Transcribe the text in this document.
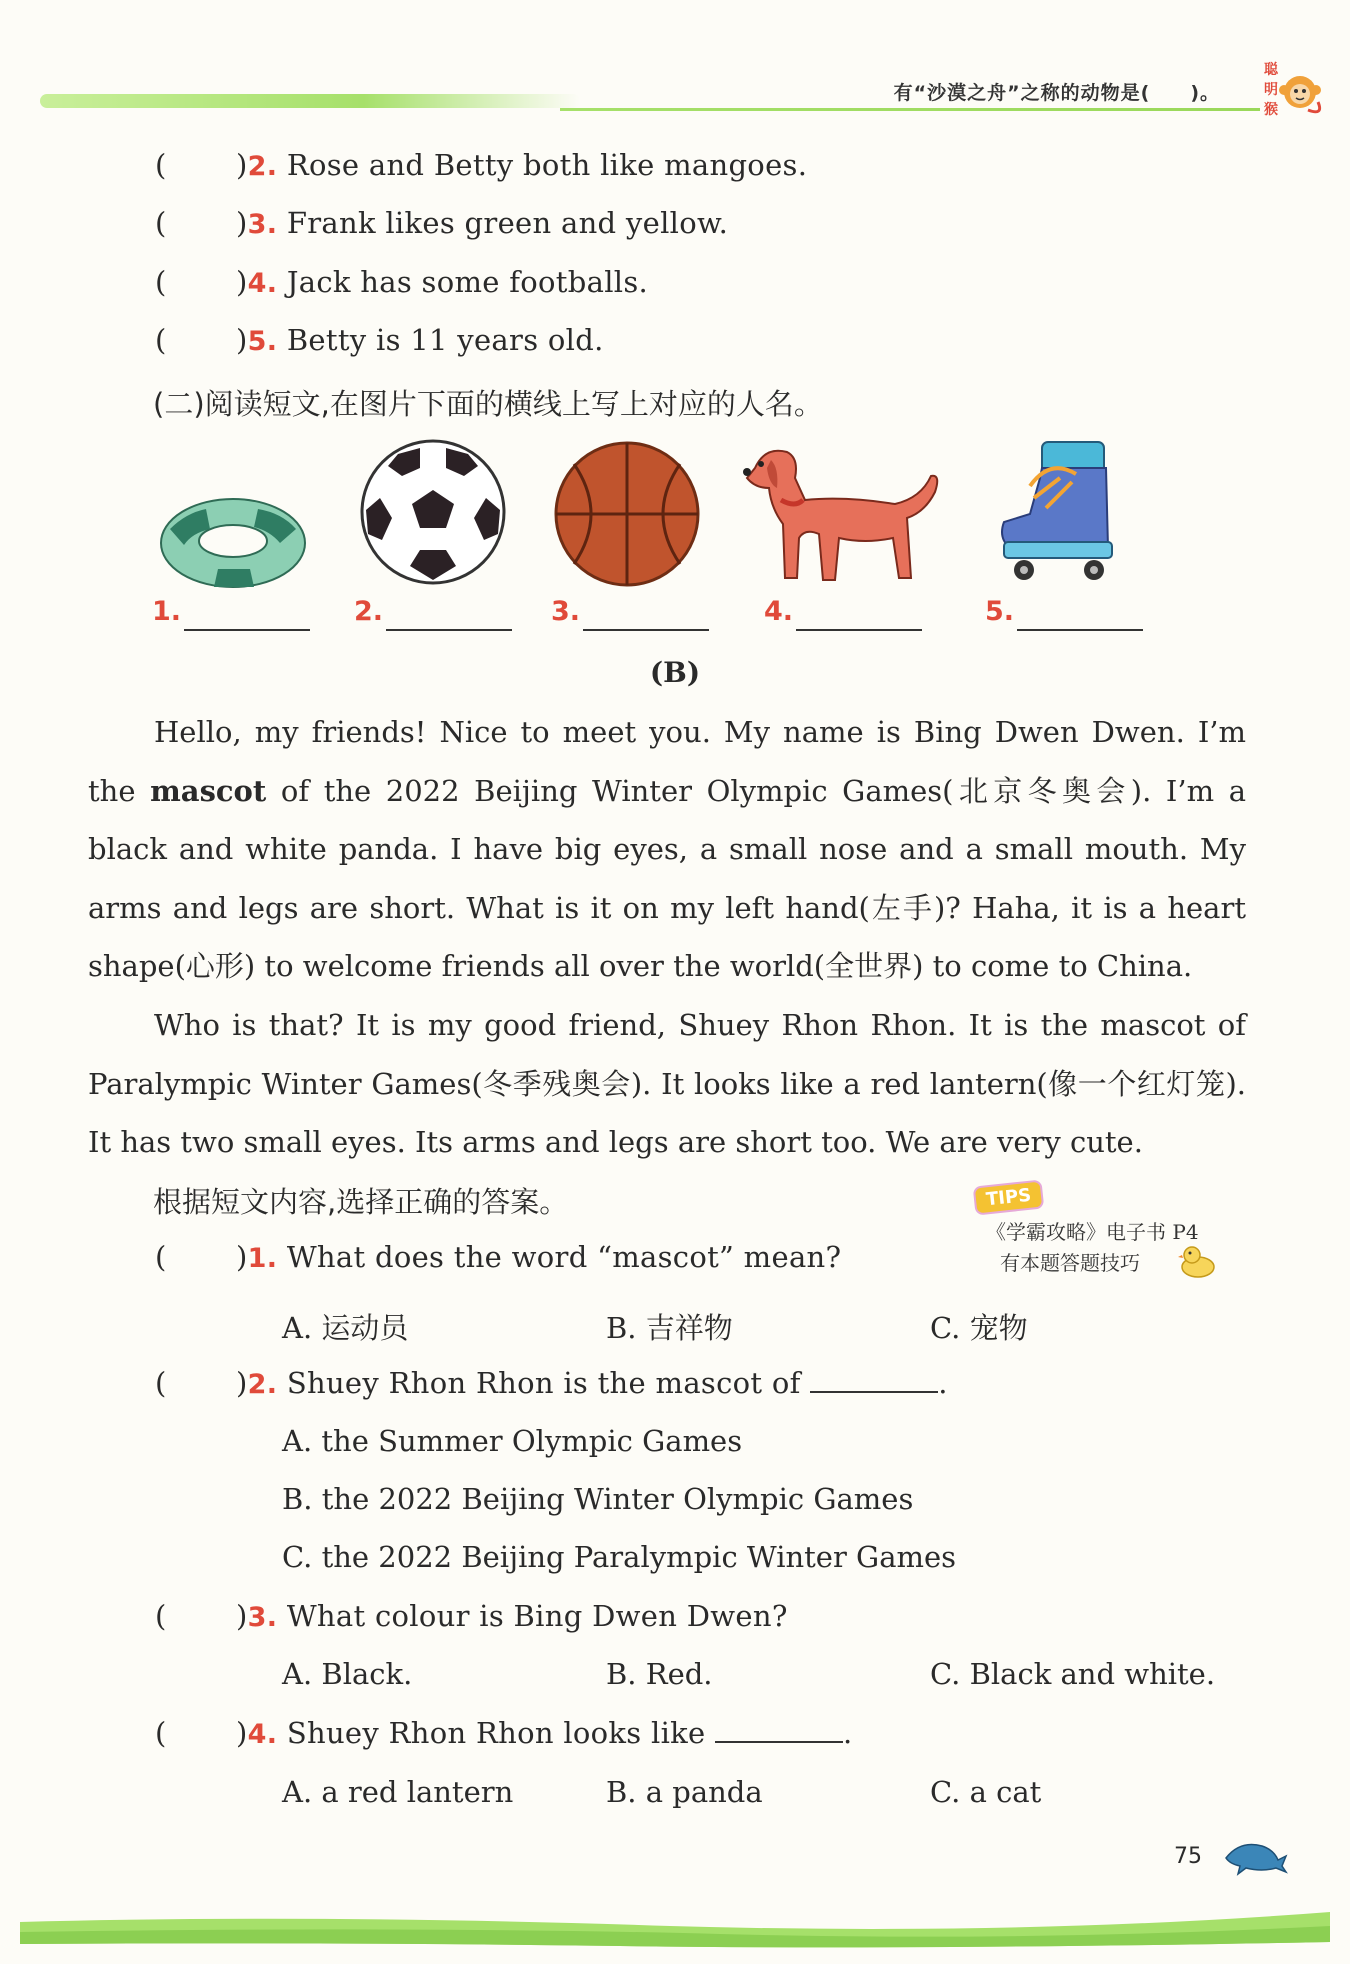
有“沙漠之舟”之称的动物是(　　)。
聪
明
猴
( )2. Rose and Betty both like mangoes.
( )3. Frank likes green and yellow.
( )4. Jack has some footballs.
( )5. Betty is 11 years old.
(二)阅读短文,在图片下面的横线上写上对应的人名。
1.	2.	3.	4.	5.
(B)
Hello, my friends! Nice to meet you. My name is Bing Dwen Dwen. I’m the mascot of the 2022 Beijing Winter Olympic Games(北京冬奥会). I’m a black and white panda. I have big eyes, a small nose and a small mouth. My arms and legs are short. What is it on my left hand(左手)? Haha, it is a heart shape(心形) to welcome friends all over the world(全世界) to come to China.
Who is that? It is my good friend, Shuey Rhon Rhon. It is the mascot of Paralympic Winter Games(冬季残奥会). It looks like a red lantern(像一个红灯笼). It has two small eyes. Its arms and legs are short too. We are very cute.
根据短文内容,选择正确的答案。	TIPS
《学霸攻略》电子书 P4
有本题答题技巧
( )1. What does the word “mascot” mean?
A. 运动员	B. 吉祥物	C. 宠物
( )2. Shuey Rhon Rhon is the mascot of	.
A. the Summer Olympic Games
B. the 2022 Beijing Winter Olympic Games
C. the 2022 Beijing Paralympic Winter Games
( )3. What colour is Bing Dwen Dwen?
A. Black.	B. Red.	C. Black and white.
( )4. Shuey Rhon Rhon looks like	.
A. a red lantern	B. a panda	C. a cat
75
